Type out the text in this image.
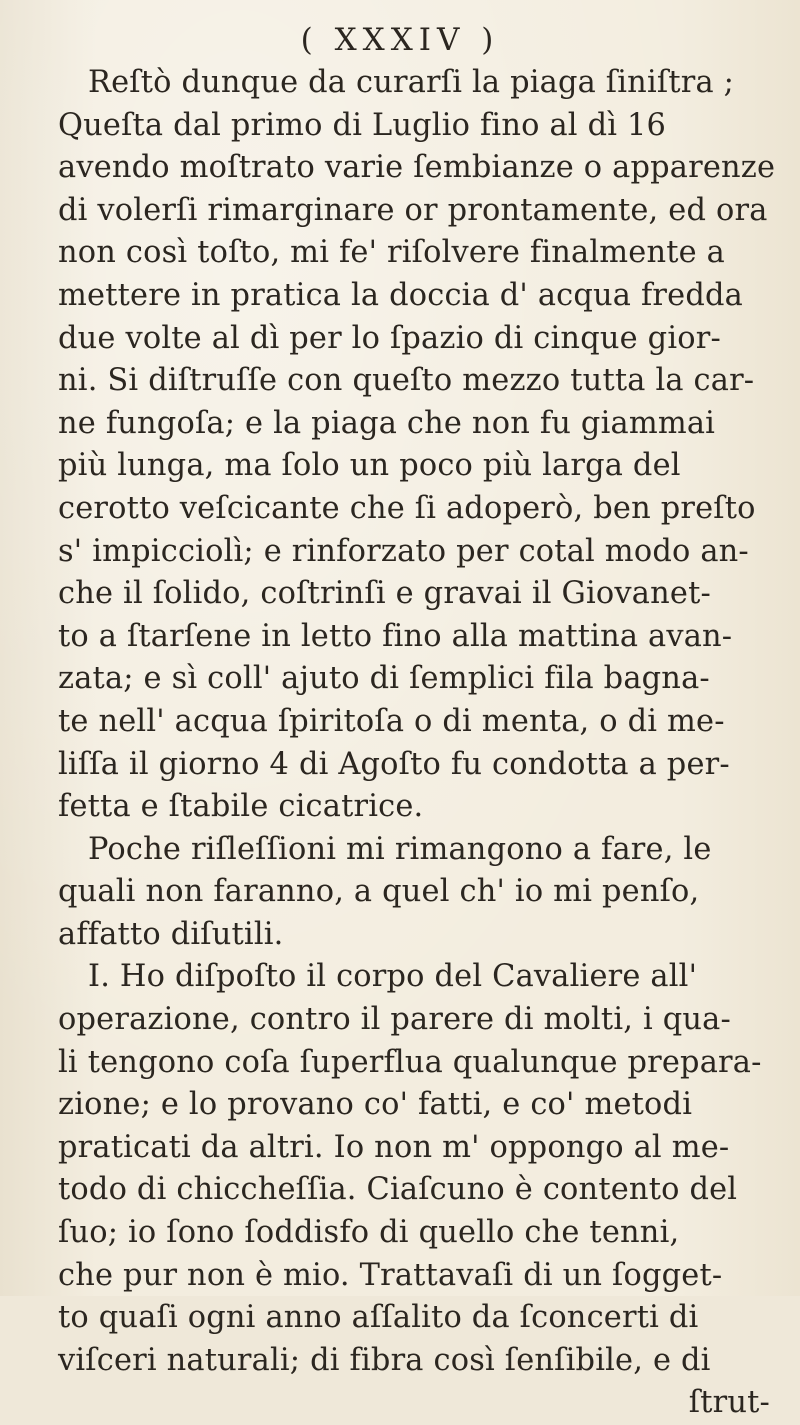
( XXXIV )
Reſtò dunque da curarſi la piaga ſiniſtra ;
Queſta dal primo di Luglio fino al dì 16
avendo moſtrato varie ſembianze o apparenze
di volerſi rimarginare or prontamente, ed ora
non così toſto, mi fe' riſolvere finalmente a
mettere in pratica la doccia d' acqua fredda
due volte al dì per lo ſpazio di cinque gior-
ni. Si diſtruſſe con queſto mezzo tutta la car-
ne fungoſa; e la piaga che non fu giammai
più lunga, ma ſolo un poco più larga del
cerotto veſcicante che ſi adoperò, ben preſto
s' impicciolì; e rinforzato per cotal modo an-
che il ſolido, coſtrinſi e gravai il Giovanet-
to a ſtarſene in letto fino alla mattina avan-
zata; e sì coll' ajuto di ſemplici fila bagna-
te nell' acqua ſpiritoſa o di menta, o di me-
liſſa il giorno 4 di Agoſto fu condotta a per-
fetta e ſtabile cicatrice.
Poche riſleſſioni mi rimangono a fare, le
quali non faranno, a quel ch' io mi penſo,
affatto diſutili.
I. Ho diſpoſto il corpo del Cavaliere all'
operazione, contro il parere di molti, i qua-
li tengono coſa ſuperflua qualunque prepara-
zione; e lo provano co' fatti, e co' metodi
praticati da altri. Io non m' oppongo al me-
todo di chiccheſſia. Ciaſcuno è contento del
ſuo; io ſono ſoddisfo di quello che tenni,
che pur non è mio. Trattavaſi di un ſogget-
to quaſi ogni anno aſſalito da ſconcerti di
viſceri naturali; di fibra così ſenſibile, e di
ſtrut-
